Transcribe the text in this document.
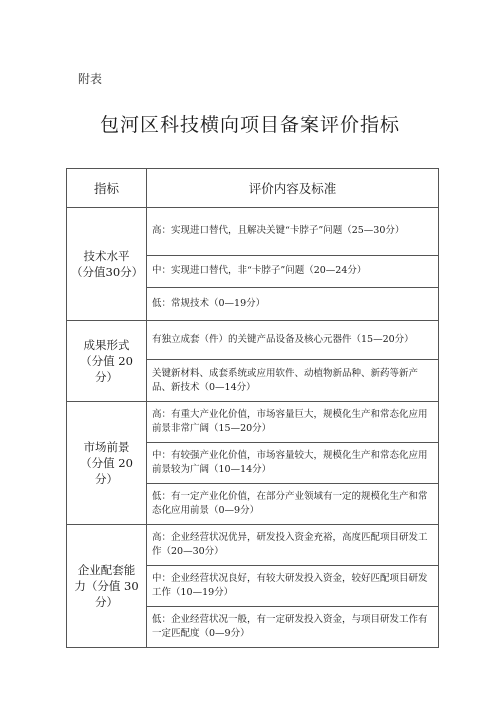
附表
包河区科技横向项目备案评价指标
指标	评价内容及标准

技术水平
（分值30分）	高：实现进口替代，且解决关键“卡脖子”问题（25—30分）
	中：实现进口替代，非“卡脖子”问题（20—24分）
	低：常规技术（0—19分）

成果形式
（分值 20 分）	有独立成套（件）的关键产品设备及核心元器件（15—20分）
	关键新材料、成套系统或应用软件、动植物新品种、新药等新产品、新技术（0—14分）

市场前景
（分值 20 分）	高：有重大产业化价值，市场容量巨大，规模化生产和常态化应用前景非常广阔（15—20分）
	中：有较强产业化价值，市场容量较大，规模化生产和常态化应用前景较为广阔（10—14分）
	低：有一定产业化价值，在部分产业领域有一定的规模化生产和常态化应用前景（0—9分）

企业配套能
力（分值 30 分）	高：企业经营状况优异，研发投入资金充裕，高度匹配项目研发工作（20—30分）
	中：企业经营状况良好，有较大研发投入资金，较好匹配项目研发工作（10—19分）
	低：企业经营状况一般，有一定研发投入资金，与项目研发工作有一定匹配度（0—9分）
